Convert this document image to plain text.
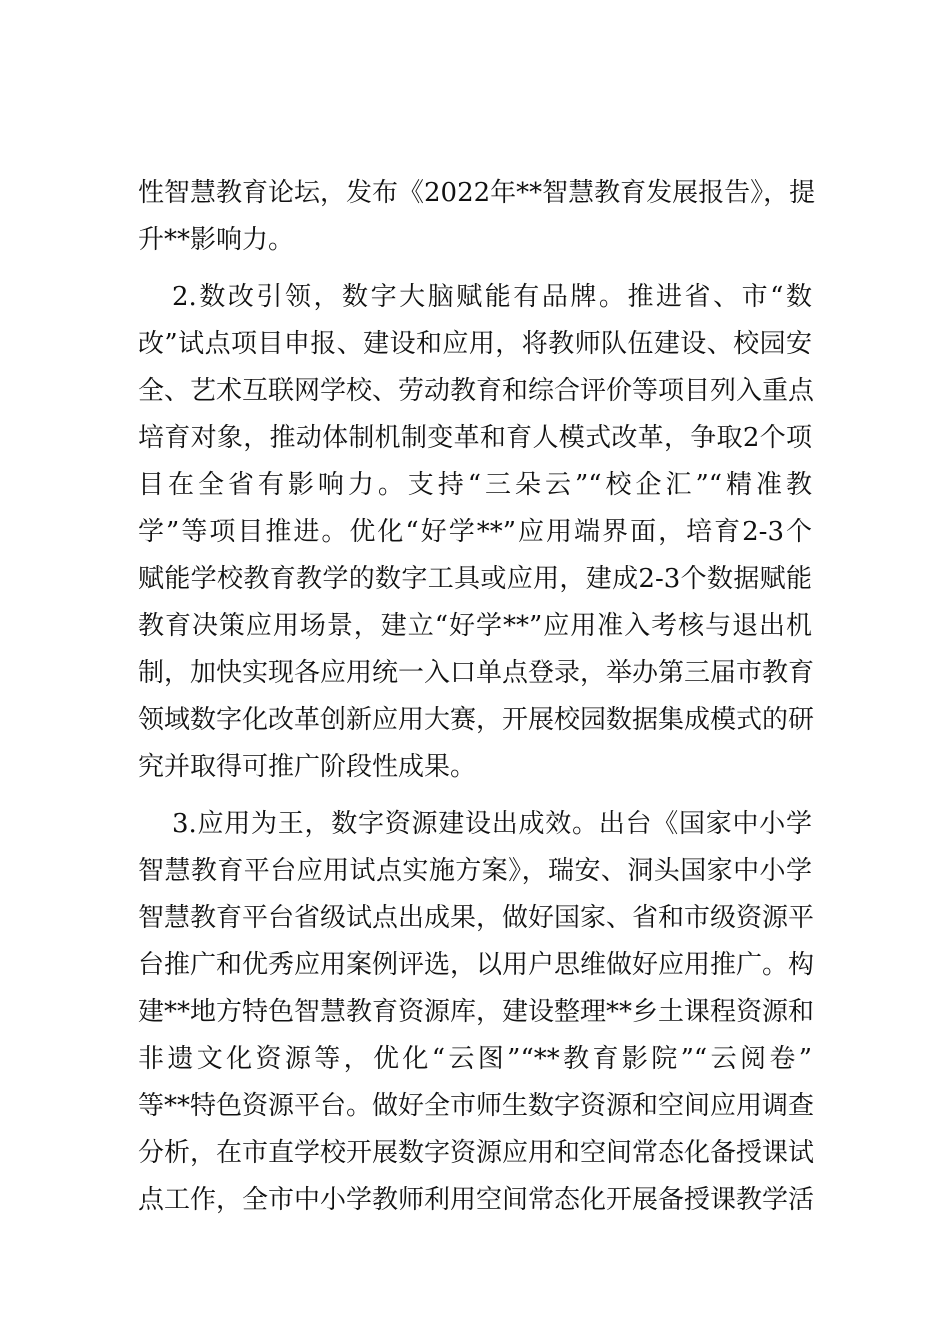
性智慧教育论坛，发布《2022年**智慧教育发展报告》，提
升**影响力。
2.数改引领，数字大脑赋能有品牌。推进省、市“数
改”试点项目申报、建设和应用，将教师队伍建设、校园安
全、艺术互联网学校、劳动教育和综合评价等项目列入重点
培育对象，推动体制机制变革和育人模式改革，争取2个项
目在全省有影响力。支持“三朵云”“校企汇”“精准教
学”等项目推进。优化“好学**”应用端界面，培育2-3个
赋能学校教育教学的数字工具或应用，建成2-3个数据赋能
教育决策应用场景，建立“好学**”应用准入考核与退出机
制，加快实现各应用统一入口单点登录，举办第三届市教育
领域数字化改革创新应用大赛，开展校园数据集成模式的研
究并取得可推广阶段性成果。
3.应用为王，数字资源建设出成效。出台《国家中小学
智慧教育平台应用试点实施方案》，瑞安、洞头国家中小学
智慧教育平台省级试点出成果，做好国家、省和市级资源平
台推广和优秀应用案例评选，以用户思维做好应用推广。构
建**地方特色智慧教育资源库，建设整理**乡土课程资源和
非遗文化资源等，优化“云图”“**教育影院”“云阅卷”
等**特色资源平台。做好全市师生数字资源和空间应用调查
分析，在市直学校开展数字资源应用和空间常态化备授课试
点工作，全市中小学教师利用空间常态化开展备授课教学活
